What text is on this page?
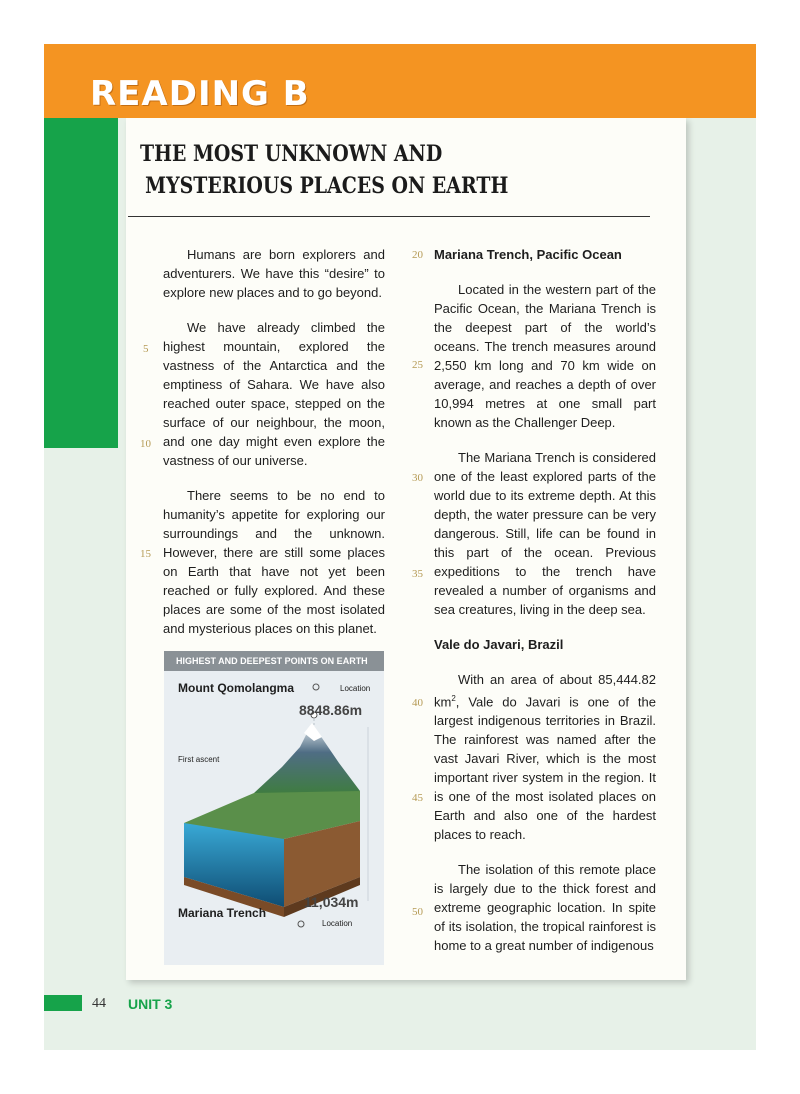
READING B
THE MOST UNKNOWN AND
MYSTERIOUS PLACES ON EARTH

Humans are born explorers and adventurers. We have this “desire” to explore new places and to go beyond.

We have already climbed the highest mountain, explored the vastness of the Antarctica and the emptiness of Sahara. We have also reached outer space, stepped on the surface of our neighbour, the moon, and one day might even explore the vastness of our universe.

There seems to be no end to humanity’s appetite for exploring our surroundings and the unknown. However, there are still some places on Earth that have not yet been reached or fully explored. And these places are some of the most isolated and mysterious places on this planet.

Mariana Trench, Pacific Ocean

Located in the western part of the Pacific Ocean, the Mariana Trench is the deepest part of the world’s oceans. The trench measures around 2,550 km long and 70 km wide on average, and reaches a depth of over 10,994 metres at one small part known as the Challenger Deep.

The Mariana Trench is considered one of the least explored parts of the world due to its extreme depth. At this depth, the water pressure can be very dangerous. Still, life can be found in this part of the ocean. Previous expeditions to the trench have revealed a number of organisms and sea creatures, living in the deep sea.

Vale do Javari, Brazil

With an area of about 85,444.82 $km^2$, Vale do Javari is one of the largest indigenous territories in Brazil. The rainforest was named after the vast Javari River, which is the most important river system in the region. It is one of the most isolated places on Earth and also one of the hardest places to reach.

The isolation of this remote place is largely due to the thick forest and extreme geographic location. In spite of its isolation, the tropical rainforest is home to a great number of indigenous

5
10
15
20
25
30
35
40
45
50
HIGHEST AND DEEPEST POINTS ON EARTH
Mount Qomolangma	Location
8848.86m
First ascent
11,034m
Mariana Trench
Location
44 UNIT 3
